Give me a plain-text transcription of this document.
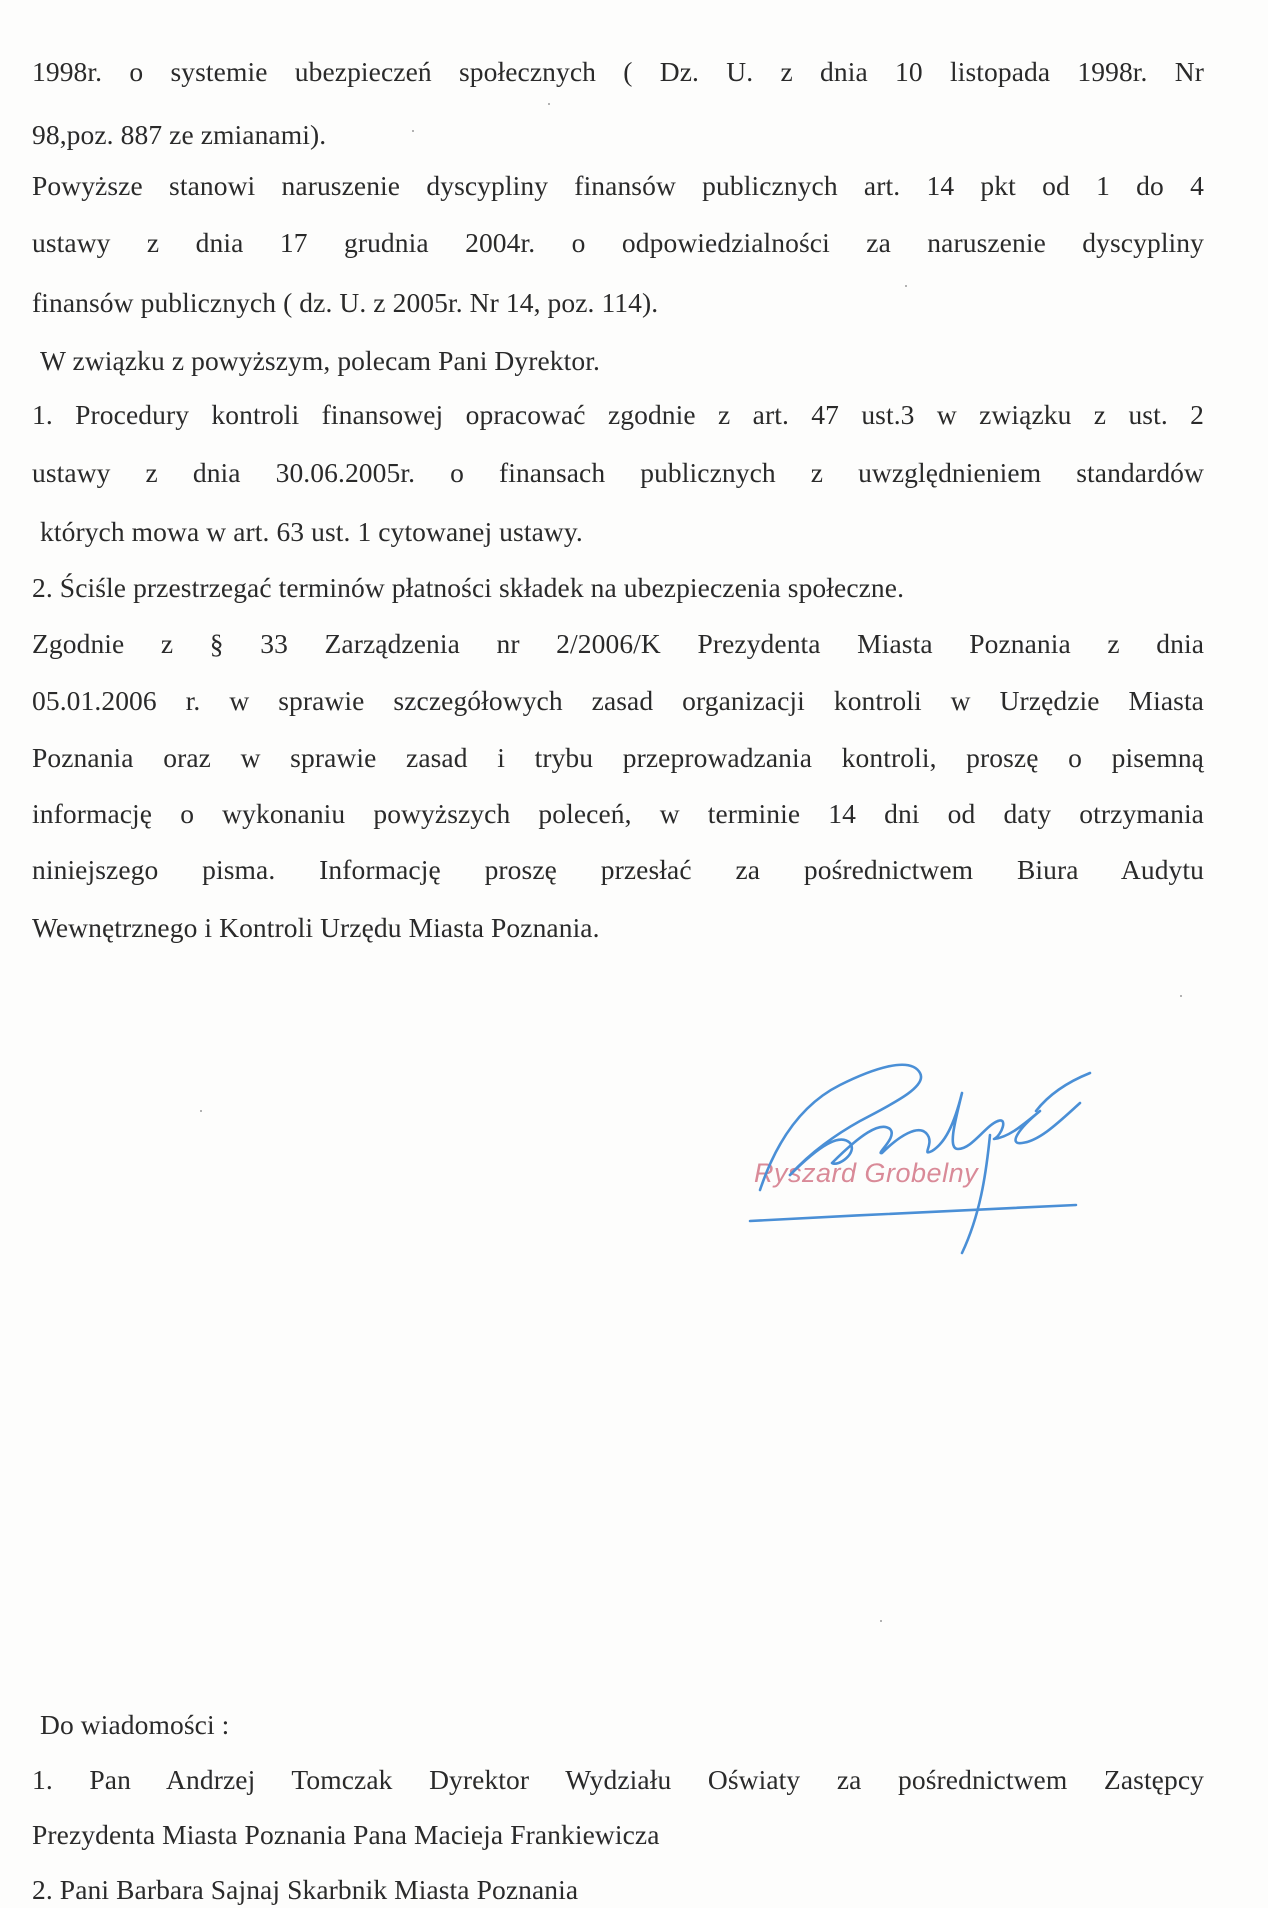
1998r. o systemie ubezpieczeń społecznych ( Dz. U. z dnia 10 listopada 1998r. Nr
98,poz. 887 ze zmianami).
Powyższe stanowi naruszenie dyscypliny finansów publicznych art. 14 pkt od 1 do 4
ustawy z dnia 17 grudnia 2004r. o odpowiedzialności za naruszenie dyscypliny
finansów publicznych ( dz. U. z 2005r. Nr 14, poz. 114).
W związku z powyższym, polecam Pani Dyrektor.
1. Procedury kontroli finansowej opracować zgodnie z art. 47 ust.3 w związku z ust. 2
ustawy z dnia 30.06.2005r. o finansach publicznych z uwzględnieniem standardów
których mowa w art. 63 ust. 1 cytowanej ustawy.
2. Ściśle przestrzegać terminów płatności składek na ubezpieczenia społeczne.
Zgodnie z § 33 Zarządzenia nr 2/2006/K Prezydenta Miasta Poznania z dnia
05.01.2006 r. w sprawie szczegółowych zasad organizacji kontroli w Urzędzie Miasta
Poznania oraz w sprawie zasad i trybu przeprowadzania kontroli, proszę o pisemną
informację o wykonaniu powyższych poleceń, w terminie 14 dni od daty otrzymania
niniejszego pisma. Informację proszę przesłać za pośrednictwem Biura Audytu
Wewnętrznego i Kontroli Urzędu Miasta Poznania.
Ryszard Grobelny
Do wiadomości :
1. Pan Andrzej Tomczak Dyrektor Wydziału Oświaty za pośrednictwem Zastępcy
Prezydenta Miasta Poznania Pana Macieja Frankiewicza
2. Pani Barbara Sajnaj Skarbnik Miasta Poznania
